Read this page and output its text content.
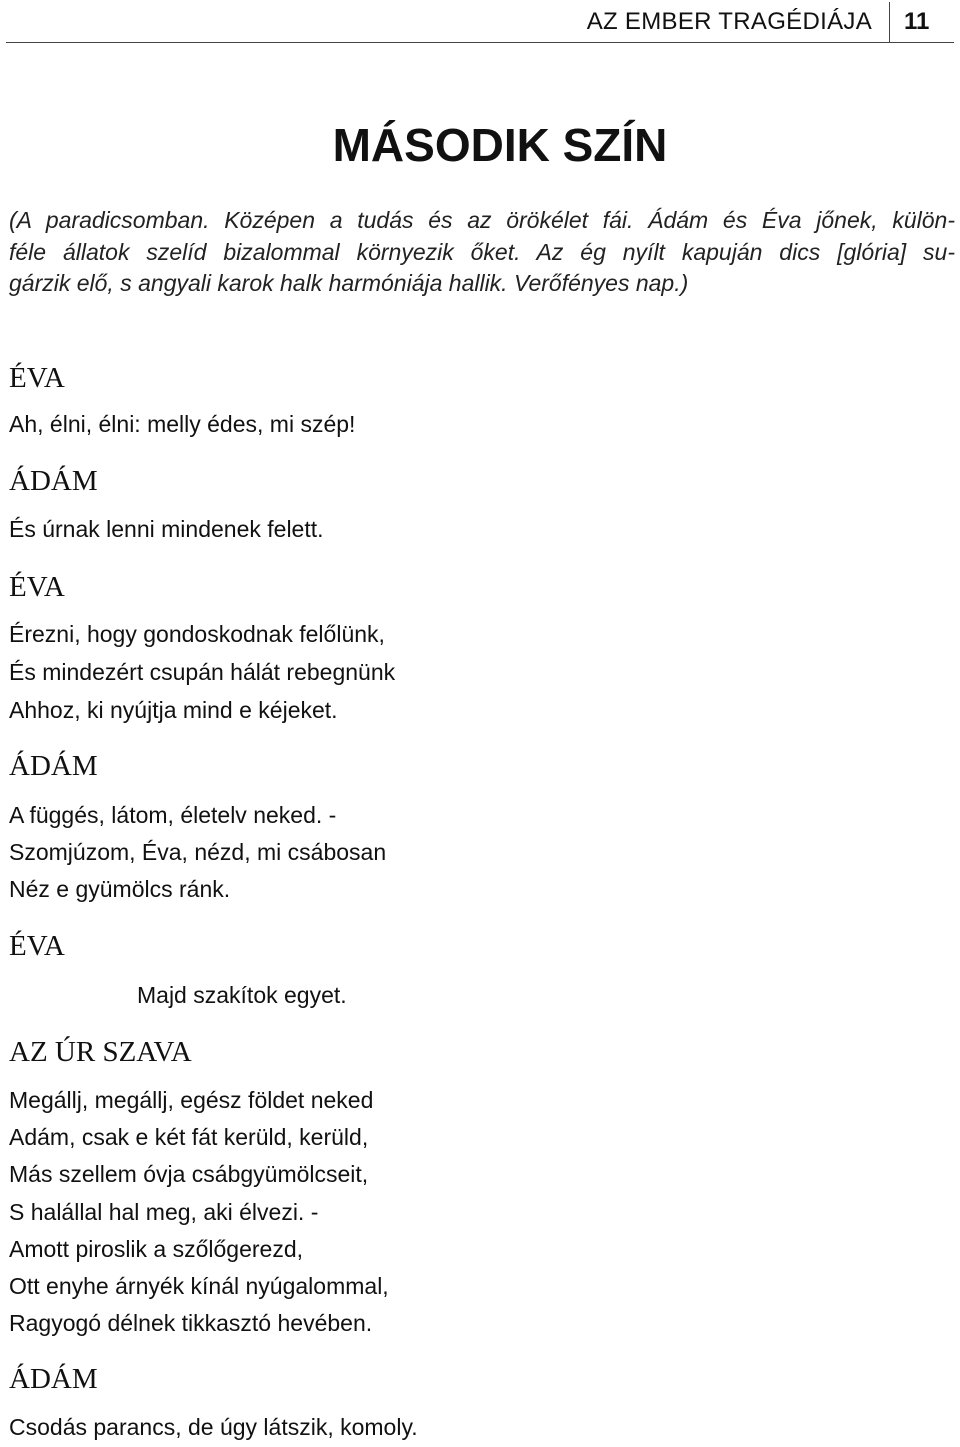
AZ EMBER TRAGÉDIÁJA 11
MÁSODIK SZÍN
(A paradicsomban. Középen a tudás és az örökélet fái. Ádám és Éva jőnek, külön-
féle állatok szelíd bizalommal környezik őket. Az ég nyílt kapuján dics [glória] su-
gárzik elő, s angyali karok halk harmóniája hallik. Verőfényes nap.)
ÉVA
Ah, élni, élni: melly édes, mi szép!
ÁDÁM
És úrnak lenni mindenek felett.
ÉVA
Érezni, hogy gondoskodnak felőlünk,
És mindezért csupán hálát rebegnünk
Ahhoz, ki nyújtja mind e kéjeket.
ÁDÁM
A függés, látom, életelv neked. -
Szomjúzom, Éva, nézd, mi csábosan
Néz e gyümölcs ránk.
ÉVA
Majd szakítok egyet.
AZ ÚR SZAVA
Megállj, megállj, egész földet neked
Adám, csak e két fát kerüld, kerüld,
Más szellem óvja csábgyümölcseit,
S halállal hal meg, aki élvezi. -
Amott piroslik a szőlőgerezd,
Ott enyhe árnyék kínál nyúgalommal,
Ragyogó délnek tikkasztó hevében.
ÁDÁM
Csodás parancs, de úgy látszik, komoly.
